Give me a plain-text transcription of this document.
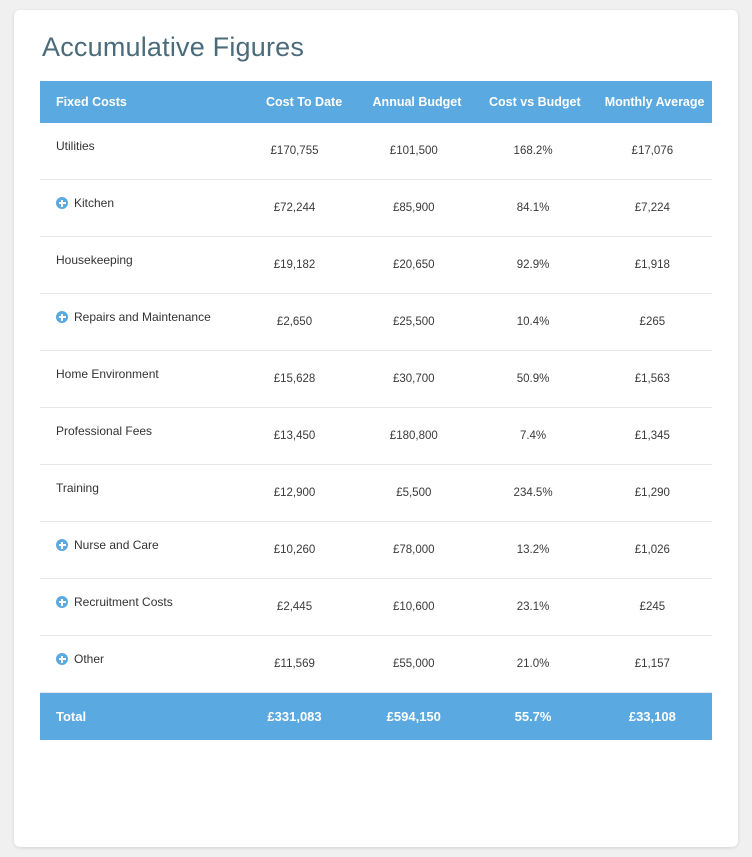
Accumulative Figures
Fixed Costs	Cost To Date	Annual Budget	Cost vs Budget	Monthly Average

Utilities	£170,755	£101,500	168.2%	£17,076

Kitchen	£72,244	£85,900	84.1%	£7,224

Housekeeping	£19,182	£20,650	92.9%	£1,918

Repairs and Maintenance	£2,650	£25,500	10.4%	£265

Home Environment	£15,628	£30,700	50.9%	£1,563

Professional Fees	£13,450	£180,800	7.4%	£1,345

Training	£12,900	£5,500	234.5%	£1,290

Nurse and Care	£10,260	£78,000	13.2%	£1,026

Recruitment Costs	£2,445	£10,600	23.1%	£245

Other	£11,569	£55,000	21.0%	£1,157
Total	£331,083	£594,150	55.7%	£33,108
